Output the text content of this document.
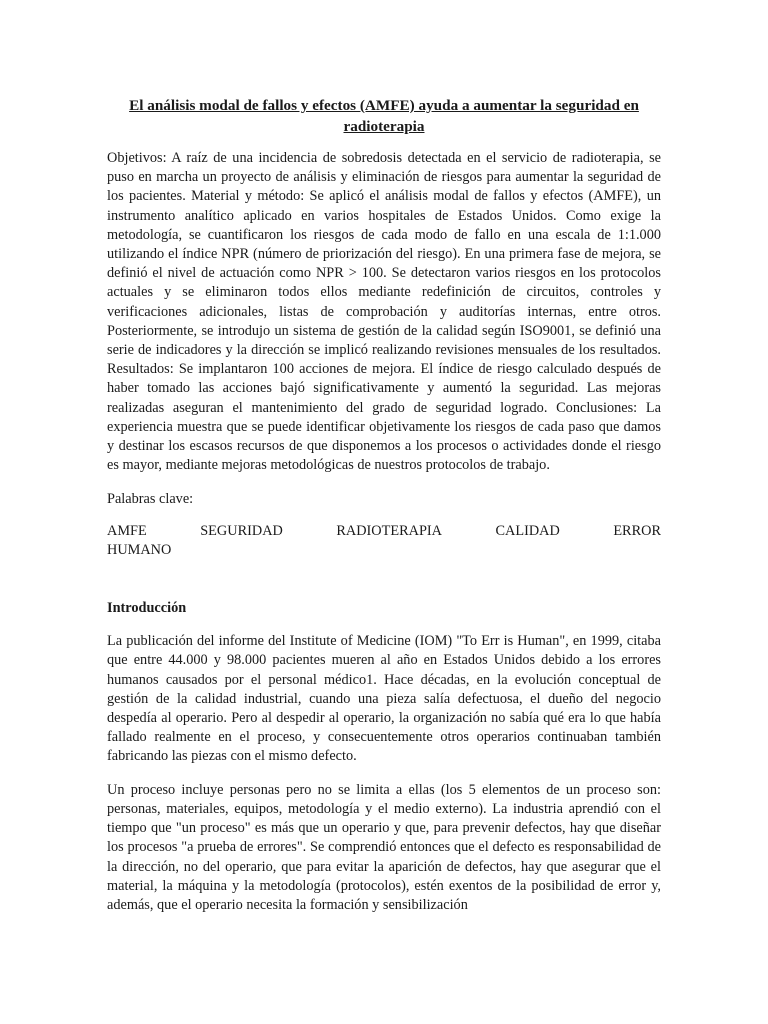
El análisis modal de fallos y efectos (AMFE) ayuda a aumentar la seguridad en radioterapia

Objetivos: A raíz de una incidencia de sobredosis detectada en el servicio de radioterapia, se puso en marcha un proyecto de análisis y eliminación de riesgos para aumentar la seguridad de los pacientes. Material y método: Se aplicó el análisis modal de fallos y efectos (AMFE), un instrumento analítico aplicado en varios hospitales de Estados Unidos. Como exige la metodología, se cuantificaron los riesgos de cada modo de fallo en una escala de 1:1.000 utilizando el índice NPR (número de priorización del riesgo). En una primera fase de mejora, se definió el nivel de actuación como NPR > 100. Se detectaron varios riesgos en los protocolos actuales y se eliminaron todos ellos mediante redefinición de circuitos, controles y verificaciones adicionales, listas de comprobación y auditorías internas, entre otros. Posteriormente, se introdujo un sistema de gestión de la calidad según ISO9001, se definió una serie de indicadores y la dirección se implicó realizando revisiones mensuales de los resultados. Resultados: Se implantaron 100 acciones de mejora. El índice de riesgo calculado después de haber tomado las acciones bajó significativamente y aumentó la seguridad. Las mejoras realizadas aseguran el mantenimiento del grado de seguridad logrado. Conclusiones: La experiencia muestra que se puede identificar objetivamente los riesgos de cada paso que damos y destinar los escasos recursos de que disponemos a los procesos o actividades donde el riesgo es mayor, mediante mejoras metodológicas de nuestros protocolos de trabajo.

Palabras clave:

AMFE	SEGURIDAD	RADIOTERAPIA	CALIDAD	ERROR
HUMANO
Introducción

La publicación del informe del Institute of Medicine (IOM) "To Err is Human", en 1999, citaba que entre 44.000 y 98.000 pacientes mueren al año en Estados Unidos debido a los errores humanos causados por el personal médico1. Hace décadas, en la evolución conceptual de gestión de la calidad industrial, cuando una pieza salía defectuosa, el dueño del negocio despedía al operario. Pero al despedir al operario, la organización no sabía qué era lo que había fallado realmente en el proceso, y consecuentemente otros operarios continuaban también fabricando las piezas con el mismo defecto.

Un proceso incluye personas pero no se limita a ellas (los 5 elementos de un proceso son: personas, materiales, equipos, metodología y el medio externo). La industria aprendió con el tiempo que "un proceso" es más que un operario y que, para prevenir defectos, hay que diseñar los procesos "a prueba de errores". Se comprendió entonces que el defecto es responsabilidad de la dirección, no del operario, que para evitar la aparición de defectos, hay que asegurar que el material, la máquina y la metodología (protocolos), estén exentos de la posibilidad de error y, además, que el operario necesita la formación y sensibilización
